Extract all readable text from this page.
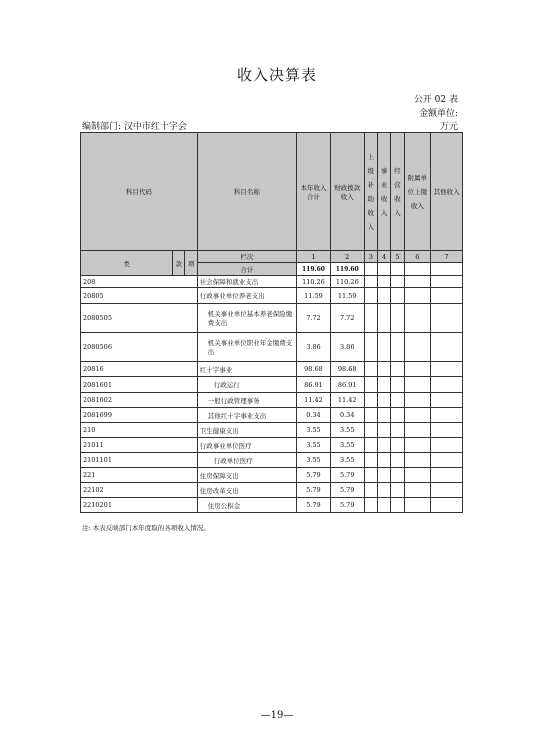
收入决算表
公开 02 表
金额单位:
万元
编制部门: 汉中市红十字会
科目代码			科目名称	本年收入合计	财政拨款收入	上级补助收入	事业收入	经营收入	附属单位上缴收入	其他收入
类	款	项	栏次	1	2	3	4	5	6	7
			合计	119.60	119.60					
208			社会保障和就业支出	110.26	110.26					
20805			行政事业单位养老支出	11.59	11.59					
2080505			机关事业单位基本养老保险缴费支出	7.72	7.72					
2080506			机关事业单位职业年金缴费支出	3.86	3.86					
20816			红十字事业	98.68	98.68					
2081601			行政运行	86.91	86.91					
2081602			一般行政管理事务	11.42	11.42					
2081699			其他红十字事业支出	0.34	0.34					
210			卫生健康支出	3.55	3.55					
21011			行政事业单位医疗	3.55	3.55					
2101101			行政单位医疗	3.55	3.55					
221			住房保障支出	5.79	5.79					
22102			住房改革支出	5.79	5.79					
2210201			住房公积金	5.79	5.79					
注: 本表反映部门本年度取的各项收入情况。
—19—
